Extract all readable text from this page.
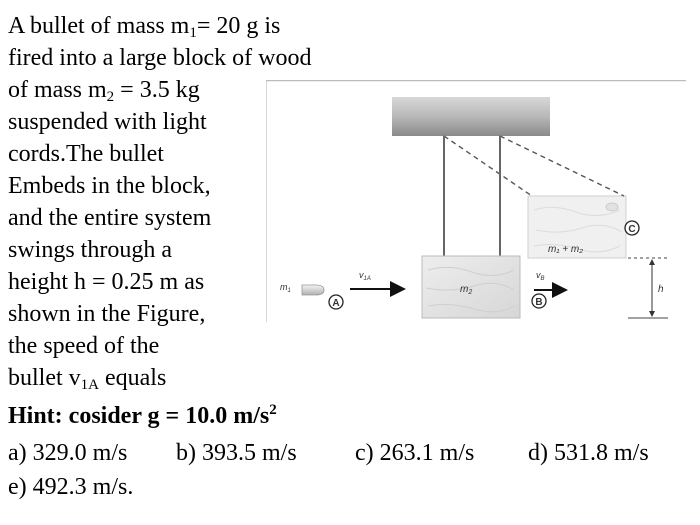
A bullet of mass $m_1= 20$ g is
fired into a large block of wood
of mass $m_2 = 3.5$ kg
suspended with light
cords.The bullet
Embeds in the block,
and the entire system
swings through a
height h = 0.25 m as
shown in the Figure,
the speed of the
bullet $v_{1A}$ equals
Hint: cosider g = 10.0 $m/s^2$
a) 329.0 m/s b) 393.5 m/s c) 263.1 m/s d) 531.8 m/s
e) 492.3 m/s.
m₁ + m₂
$m_2$
$m_1$
$v_{1A}$	$v_B$
A	B
C
h
